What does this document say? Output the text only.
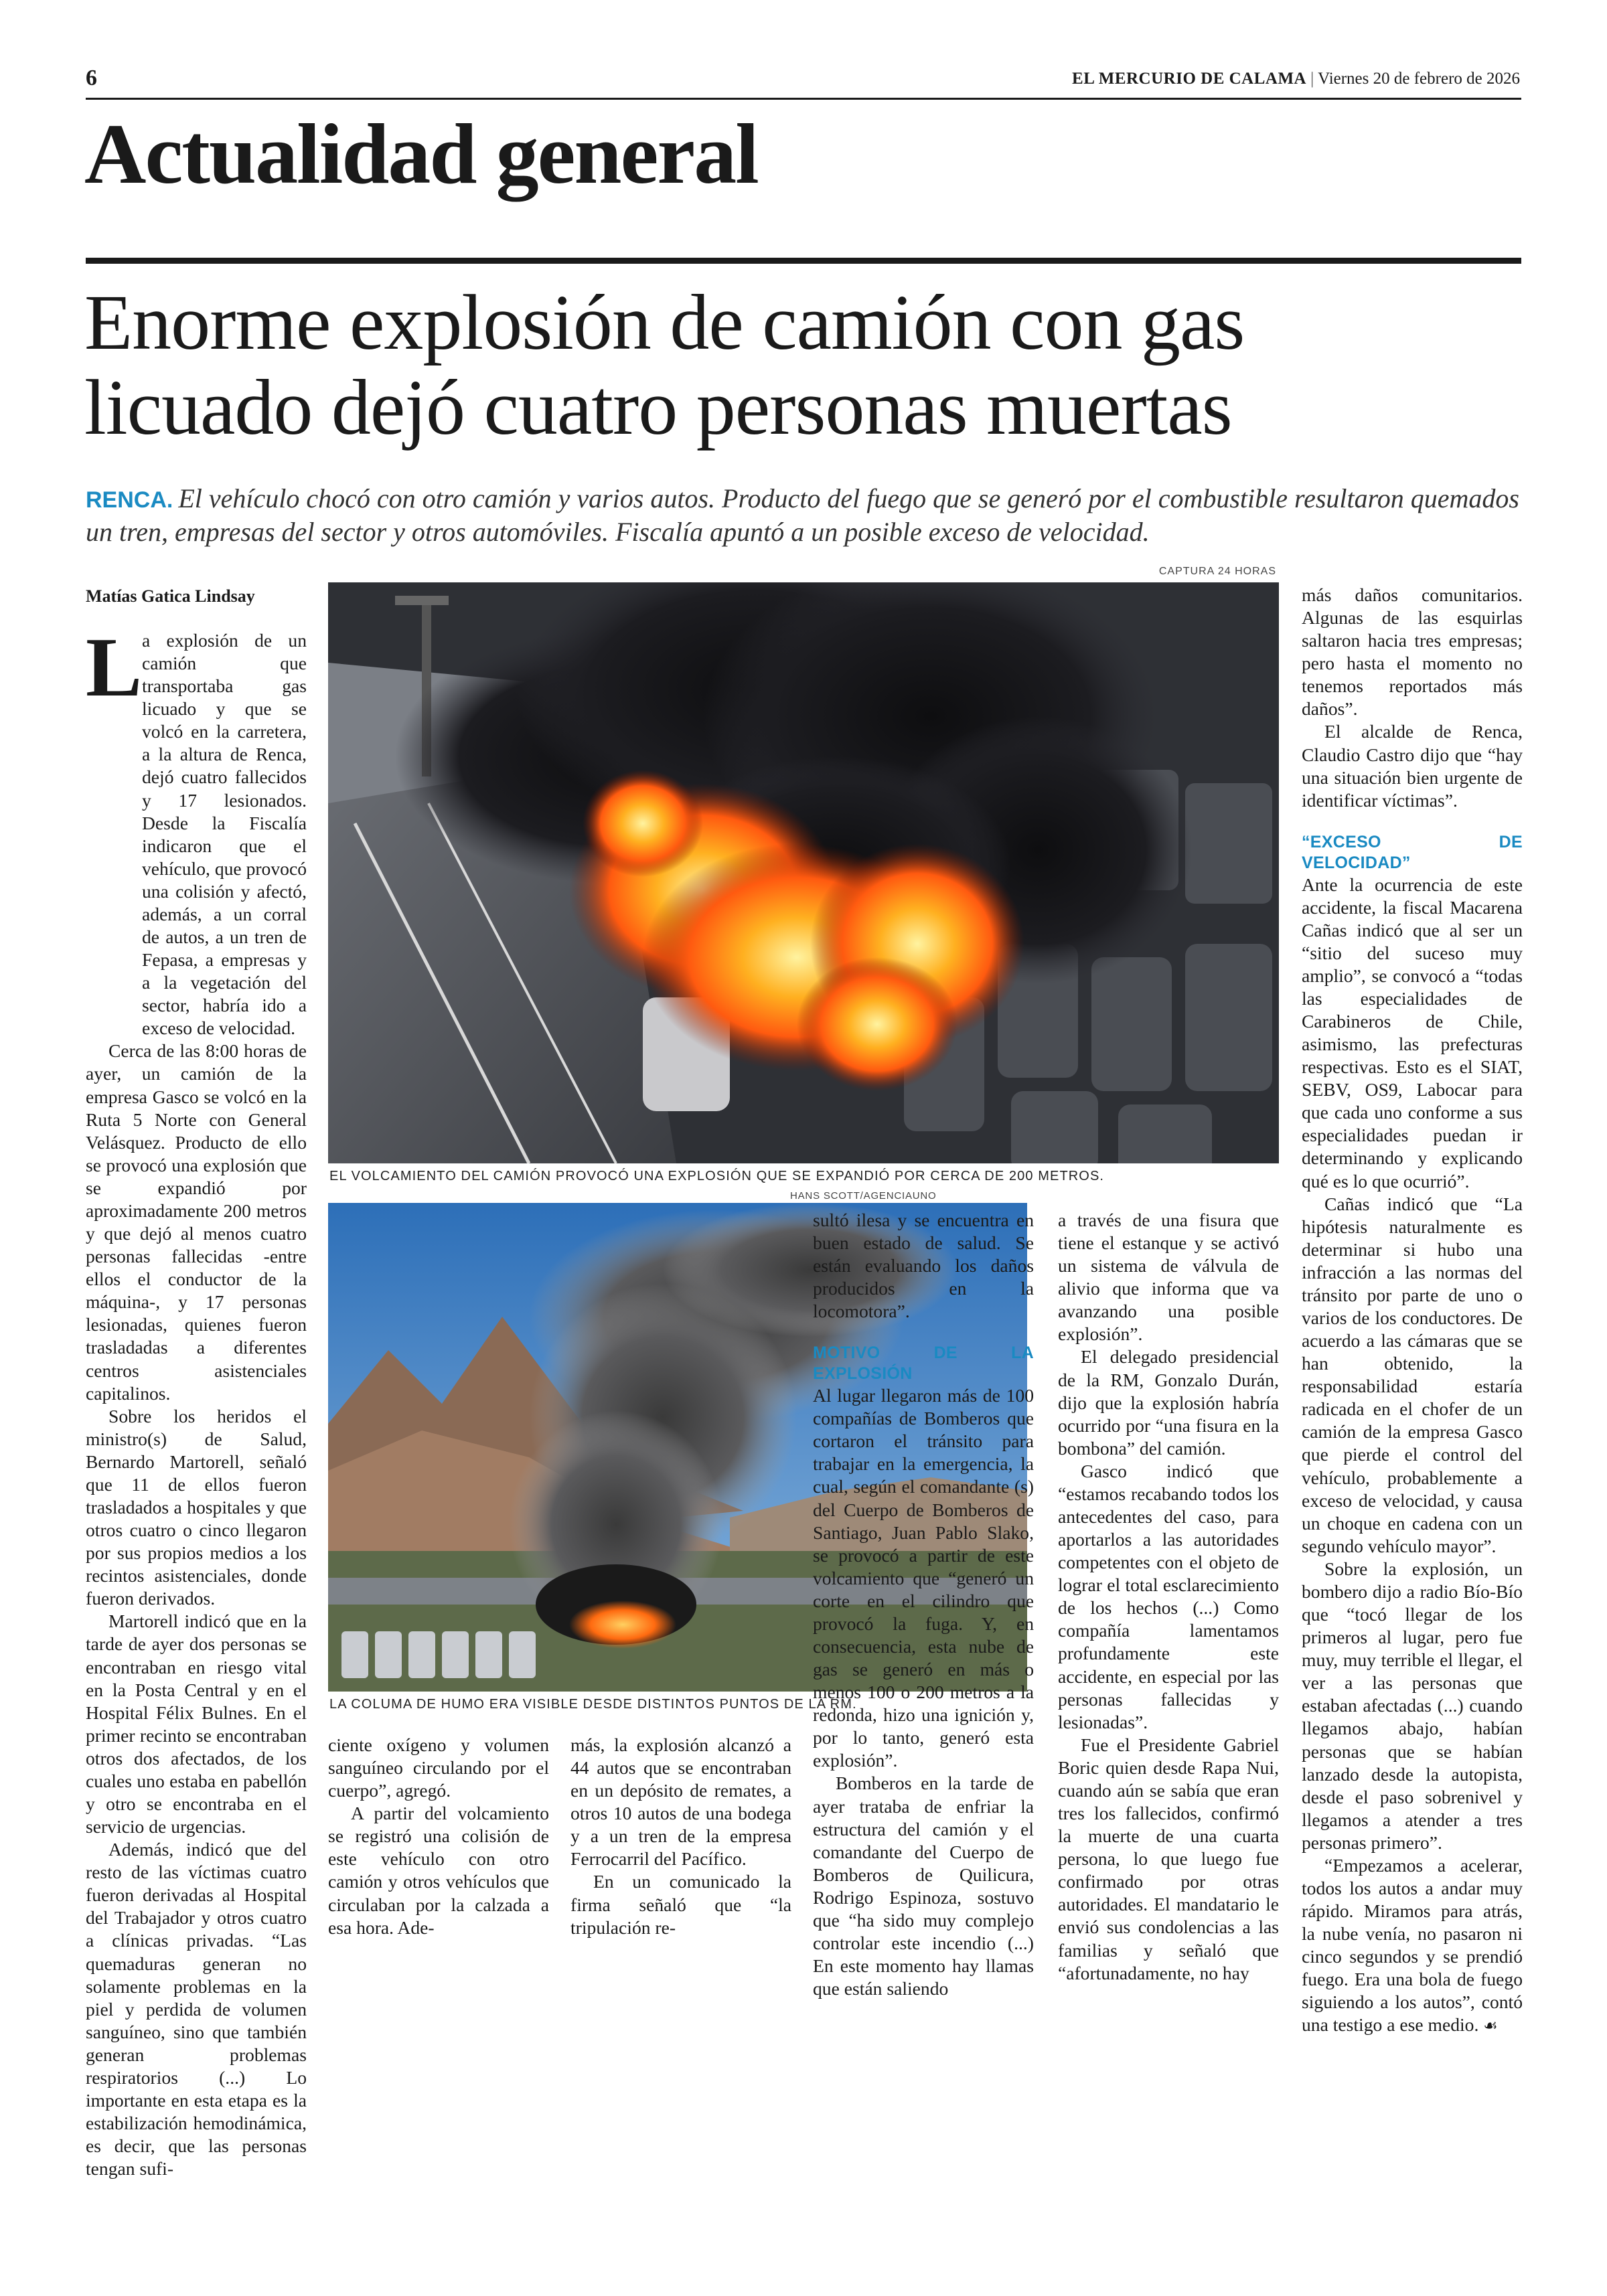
6	EL MERCURIO DE CALAMA | Viernes 20 de febrero de 2026
Actualidad general
Enorme explosión de camión con gas
licuado dejó cuatro personas muertas
RENCA. El vehículo chocó con otro camión y varios autos. Producto del fuego que se generó por el combustible resultaron quemados un tren, empresas del sector y otros automóviles. Fiscalía apuntó a un posible exceso de velocidad.
Matías Gatica Lindsay
L a explosión de un camión que transportaba gas licuado y que se volcó en la carretera, a la altura de Renca, dejó cuatro fallecidos y 17 lesionados. Desde la Fiscalía indicaron que el vehículo, que provocó una colisión y afectó, además, a un corral de autos, a un tren de Fepasa, a empresas y a la vegetación del sector, habría ido a exceso de velocidad.

Cerca de las 8:00 horas de ayer, un camión de la empresa Gasco se volcó en la Ruta 5 Norte con General Velásquez. Producto de ello se provocó una explosión que se expandió por aproximadamente 200 metros y que dejó al menos cuatro personas fallecidas -entre ellos el conductor de la máquina-, y 17 personas lesionadas, quienes fueron trasladadas a diferentes centros asistenciales capitalinos.

Sobre los heridos el ministro(s) de Salud, Bernardo Martorell, señaló que 11 de ellos fueron trasladados a hospitales y que otros cuatro o cinco llegaron por sus propios medios a los recintos asistenciales, donde fueron derivados.

Martorell indicó que en la tarde de ayer dos personas se encontraban en riesgo vital en la Posta Central y en el Hospital Félix Bulnes. En el primer recinto se encontraban otros dos afectados, de los cuales uno estaba en pabellón y otro se encontraba en el servicio de urgencias.

Además, indicó que del resto de las víctimas cuatro fueron derivadas al Hospital del Trabajador y otros cuatro a clínicas privadas. “Las quemaduras generan no solamente problemas en la piel y perdida de volumen sanguíneo, sino que también generan problemas respiratorios (...) Lo importante en esta etapa es la estabilización hemodinámica, es decir, que las personas tengan sufi-

CAPTURA 24 HORAS
EL VOLCAMIENTO DEL CAMIÓN PROVOCÓ UNA EXPLOSIÓN QUE SE EXPANDIÓ POR CERCA DE 200 METROS.
HANS SCOTT/AGENCIAUNO
LA COLUMA DE HUMO ERA VISIBLE DESDE DISTINTOS PUNTOS DE LA RM.

ciente oxígeno y volumen sanguíneo circulando por el cuerpo”, agregó.

A partir del volcamiento se registró una colisión de este vehículo con otro camión y otros vehículos que circulaban por la calzada a esa hora. Ade-

más, la explosión alcanzó a 44 autos que se encontraban en un depósito de remates, a otros 10 autos de una bodega y a un tren de la empresa Ferrocarril del Pacífico.

En un comunicado la firma señaló que “la tripulación re-

sultó ilesa y se encuentra en buen estado de salud. Se están evaluando los daños producidos en la locomotora”.

MOTIVO DE LA EXPLOSIÓN

Al lugar llegaron más de 100 compañías de Bomberos que cortaron el tránsito para trabajar en la emergencia, la cual, según el comandante (s) del Cuerpo de Bomberos de Santiago, Juan Pablo Slako, se provocó a partir de este volcamiento que “generó un corte en el cilindro que provocó la fuga. Y, en consecuencia, esta nube de gas se generó en más o menos 100 o 200 metros a la redonda, hizo una ignición y, por lo tanto, generó esta explosión”.

Bomberos en la tarde de ayer trataba de enfriar la estructura del camión y el comandante del Cuerpo de Bomberos de Quilicura, Rodrigo Espinoza, sostuvo que “ha sido muy complejo controlar este incendio (...) En este momento hay llamas que están saliendo

a través de una fisura que tiene el estanque y se activó un sistema de válvula de alivio que informa que va avanzando una posible explosión”.

El delegado presidencial de la RM, Gonzalo Durán, dijo que la explosión habría ocurrido por “una fisura en la bombona” del camión.

Gasco indicó que “estamos recabando todos los antecedentes del caso, para aportarlos a las autoridades competentes con el objeto de lograr el total esclarecimiento de los hechos (...) Como compañía lamentamos profundamente este accidente, en especial por las personas fallecidas y lesionadas”.

Fue el Presidente Gabriel Boric quien desde Rapa Nui, cuando aún se sabía que eran tres los fallecidos, confirmó la muerte de una cuarta persona, lo que luego fue confirmado por otras autoridades. El mandatario le envió sus condolencias a las familias y señaló que “afortunadamente, no hay

más daños comunitarios. Algunas de las esquirlas saltaron hacia tres empresas; pero hasta el momento no tenemos reportados más daños”.

El alcalde de Renca, Claudio Castro dijo que “hay una situación bien urgente de identificar víctimas”.

“EXCESO DE VELOCIDAD”

Ante la ocurrencia de este accidente, la fiscal Macarena Cañas indicó que al ser un “sitio del suceso muy amplio”, se convocó a “todas las especialidades de Carabineros de Chile, asimismo, las prefecturas respectivas. Esto es el SIAT, SEBV, OS9, Labocar para que cada uno conforme a sus especialidades puedan ir determinando y explicando qué es lo que ocurrió”.

Cañas indicó que “La hipótesis naturalmente es determinar si hubo una infracción a las normas del tránsito por parte de uno o varios de los conductores. De acuerdo a las cámaras que se han obtenido, la responsabilidad estaría radicada en el chofer de un camión de la empresa Gasco que pierde el control del vehículo, probablemente a exceso de velocidad, y causa un choque en cadena con un segundo vehículo mayor”.

Sobre la explosión, un bombero dijo a radio Bío-Bío que “tocó llegar de los primeros al lugar, pero fue muy, muy terrible el llegar, el ver a las personas que estaban afectadas (...) cuando llegamos abajo, habían personas que se habían lanzado desde la autopista, desde el paso sobrenivel y llegamos a atender a tres personas primero”.

“Empezamos a acelerar, todos los autos a andar muy rápido. Miramos para atrás, la nube venía, no pasaron ni cinco segundos y se prendió fuego. Era una bola de fuego siguiendo a los autos”, contó una testigo a ese medio. ☙
